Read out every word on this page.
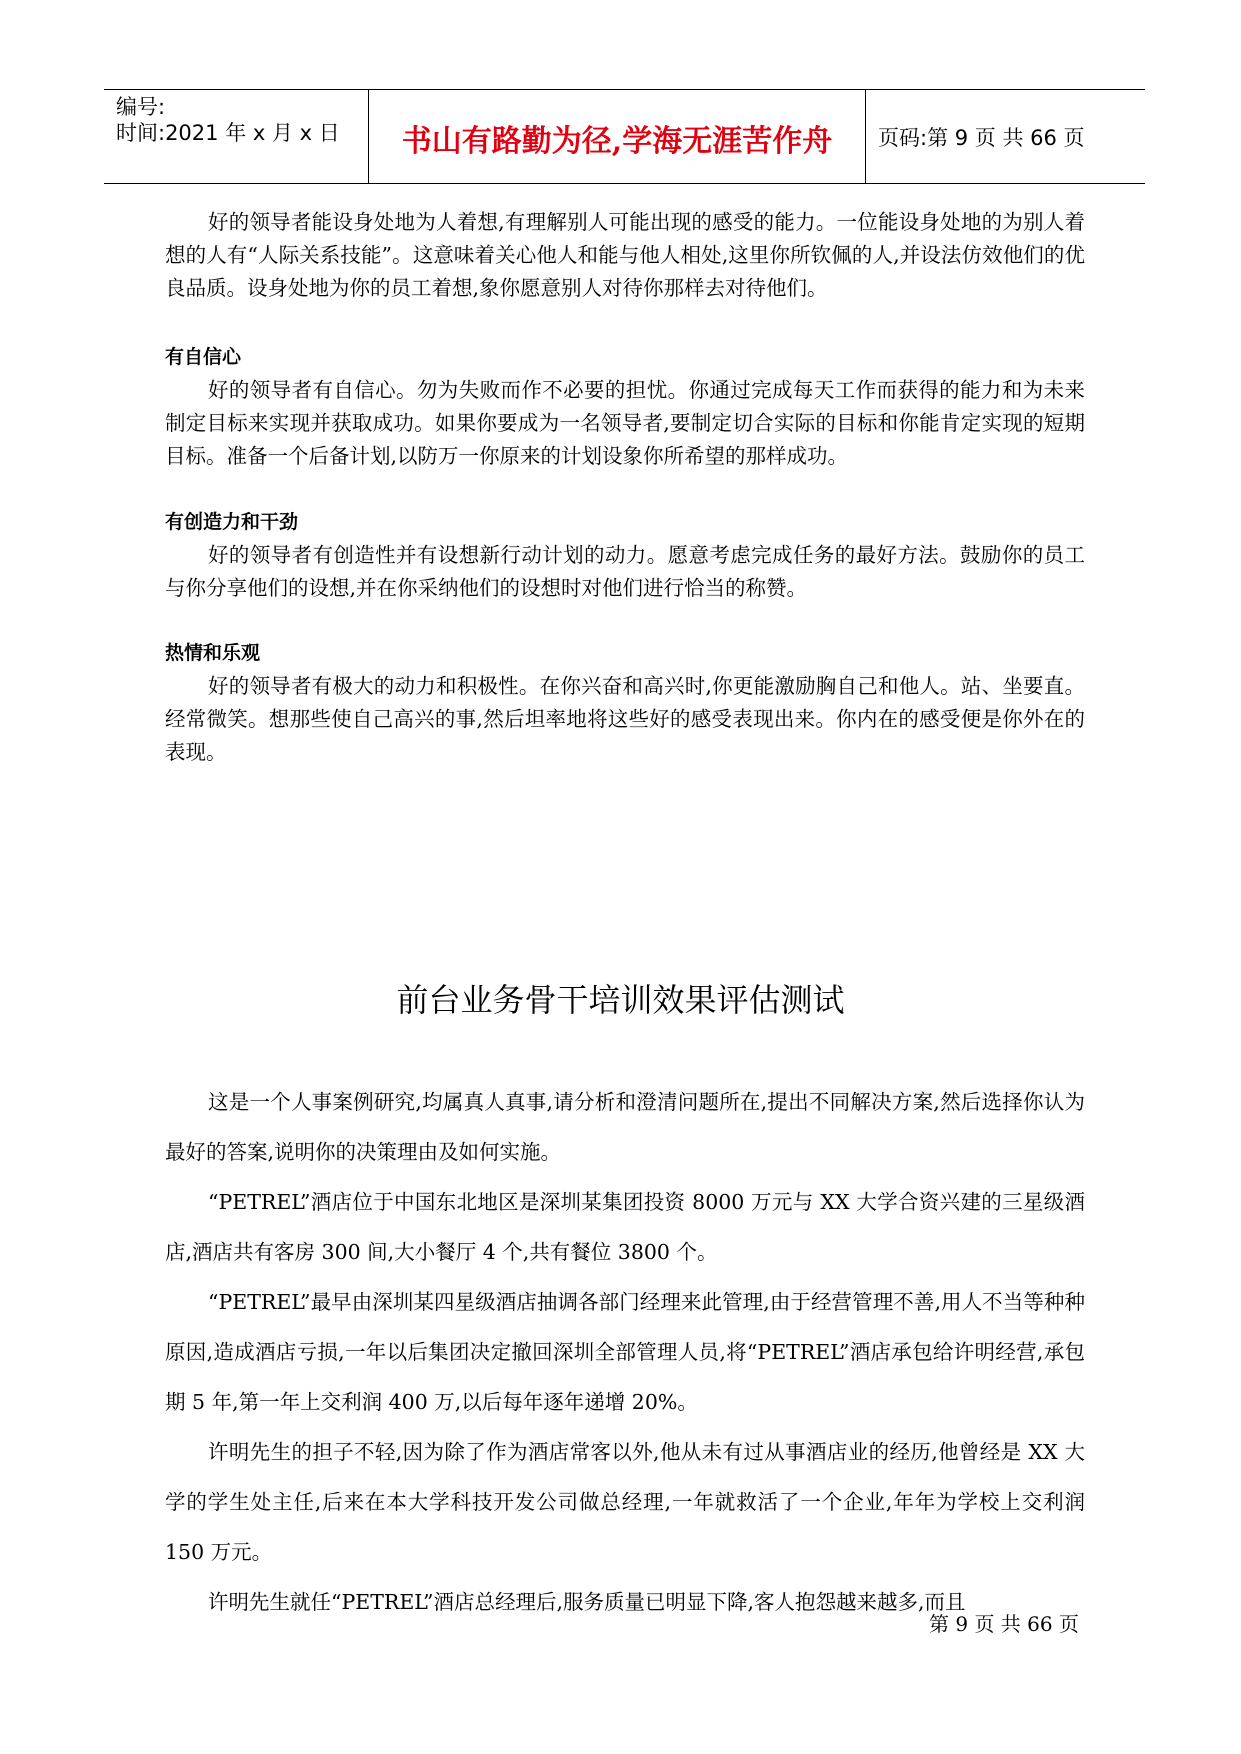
编号:
时间:2021 年 x 月 x 日	书山有路勤为径,学海无涯苦作舟	页码:第 9 页 共 66 页

好的领导者能设身处地为人着想,有理解别人可能出现的感受的能力。一位能设身处地的为别人着想的人有“人际关系技能”。这意味着关心他人和能与他人相处,这里你所钦佩的人,并设法仿效他们的优良品质。设身处地为你的员工着想,象你愿意别人对待你那样去对待他们。

有自信心

好的领导者有自信心。勿为失败而作不必要的担忧。你通过完成每天工作而获得的能力和为未来制定目标来实现并获取成功。如果你要成为一名领导者,要制定切合实际的目标和你能肯定实现的短期目标。准备一个后备计划,以防万一你原来的计划设象你所希望的那样成功。

有创造力和干劲

好的领导者有创造性并有设想新行动计划的动力。愿意考虑完成任务的最好方法。鼓励你的员工与你分享他们的设想,并在你采纳他们的设想时对他们进行恰当的称赞。

热情和乐观

好的领导者有极大的动力和积极性。在你兴奋和高兴时,你更能激励胸自己和他人。站、坐要直。经常微笑。想那些使自己高兴的事,然后坦率地将这些好的感受表现出来。你内在的感受便是你外在的表现。

前台业务骨干培训效果评估测试

这是一个人事案例研究,均属真人真事,请分析和澄清问题所在,提出不同解决方案,然后选择你认为最好的答案,说明你的决策理由及如何实施。

“PETREL”酒店位于中国东北地区是深圳某集团投资 8000 万元与 XX 大学合资兴建的三星级酒店,酒店共有客房 300 间,大小餐厅 4 个,共有餐位 3800 个。

“PETREL”最早由深圳某四星级酒店抽调各部门经理来此管理,由于经营管理不善,用人不当等种种原因,造成酒店亏损,一年以后集团决定撤回深圳全部管理人员,将“PETREL”酒店承包给许明经营,承包期 5 年,第一年上交利润 400 万,以后每年逐年递增 20%。

许明先生的担子不轻,因为除了作为酒店常客以外,他从未有过从事酒店业的经历,他曾经是 XX 大学的学生处主任,后来在本大学科技开发公司做总经理,一年就救活了一个企业,年年为学校上交利润 150 万元。

许明先生就任“PETREL”酒店总经理后,服务质量已明显下降,客人抱怨越来越多,而且

第 9 页 共 66 页
